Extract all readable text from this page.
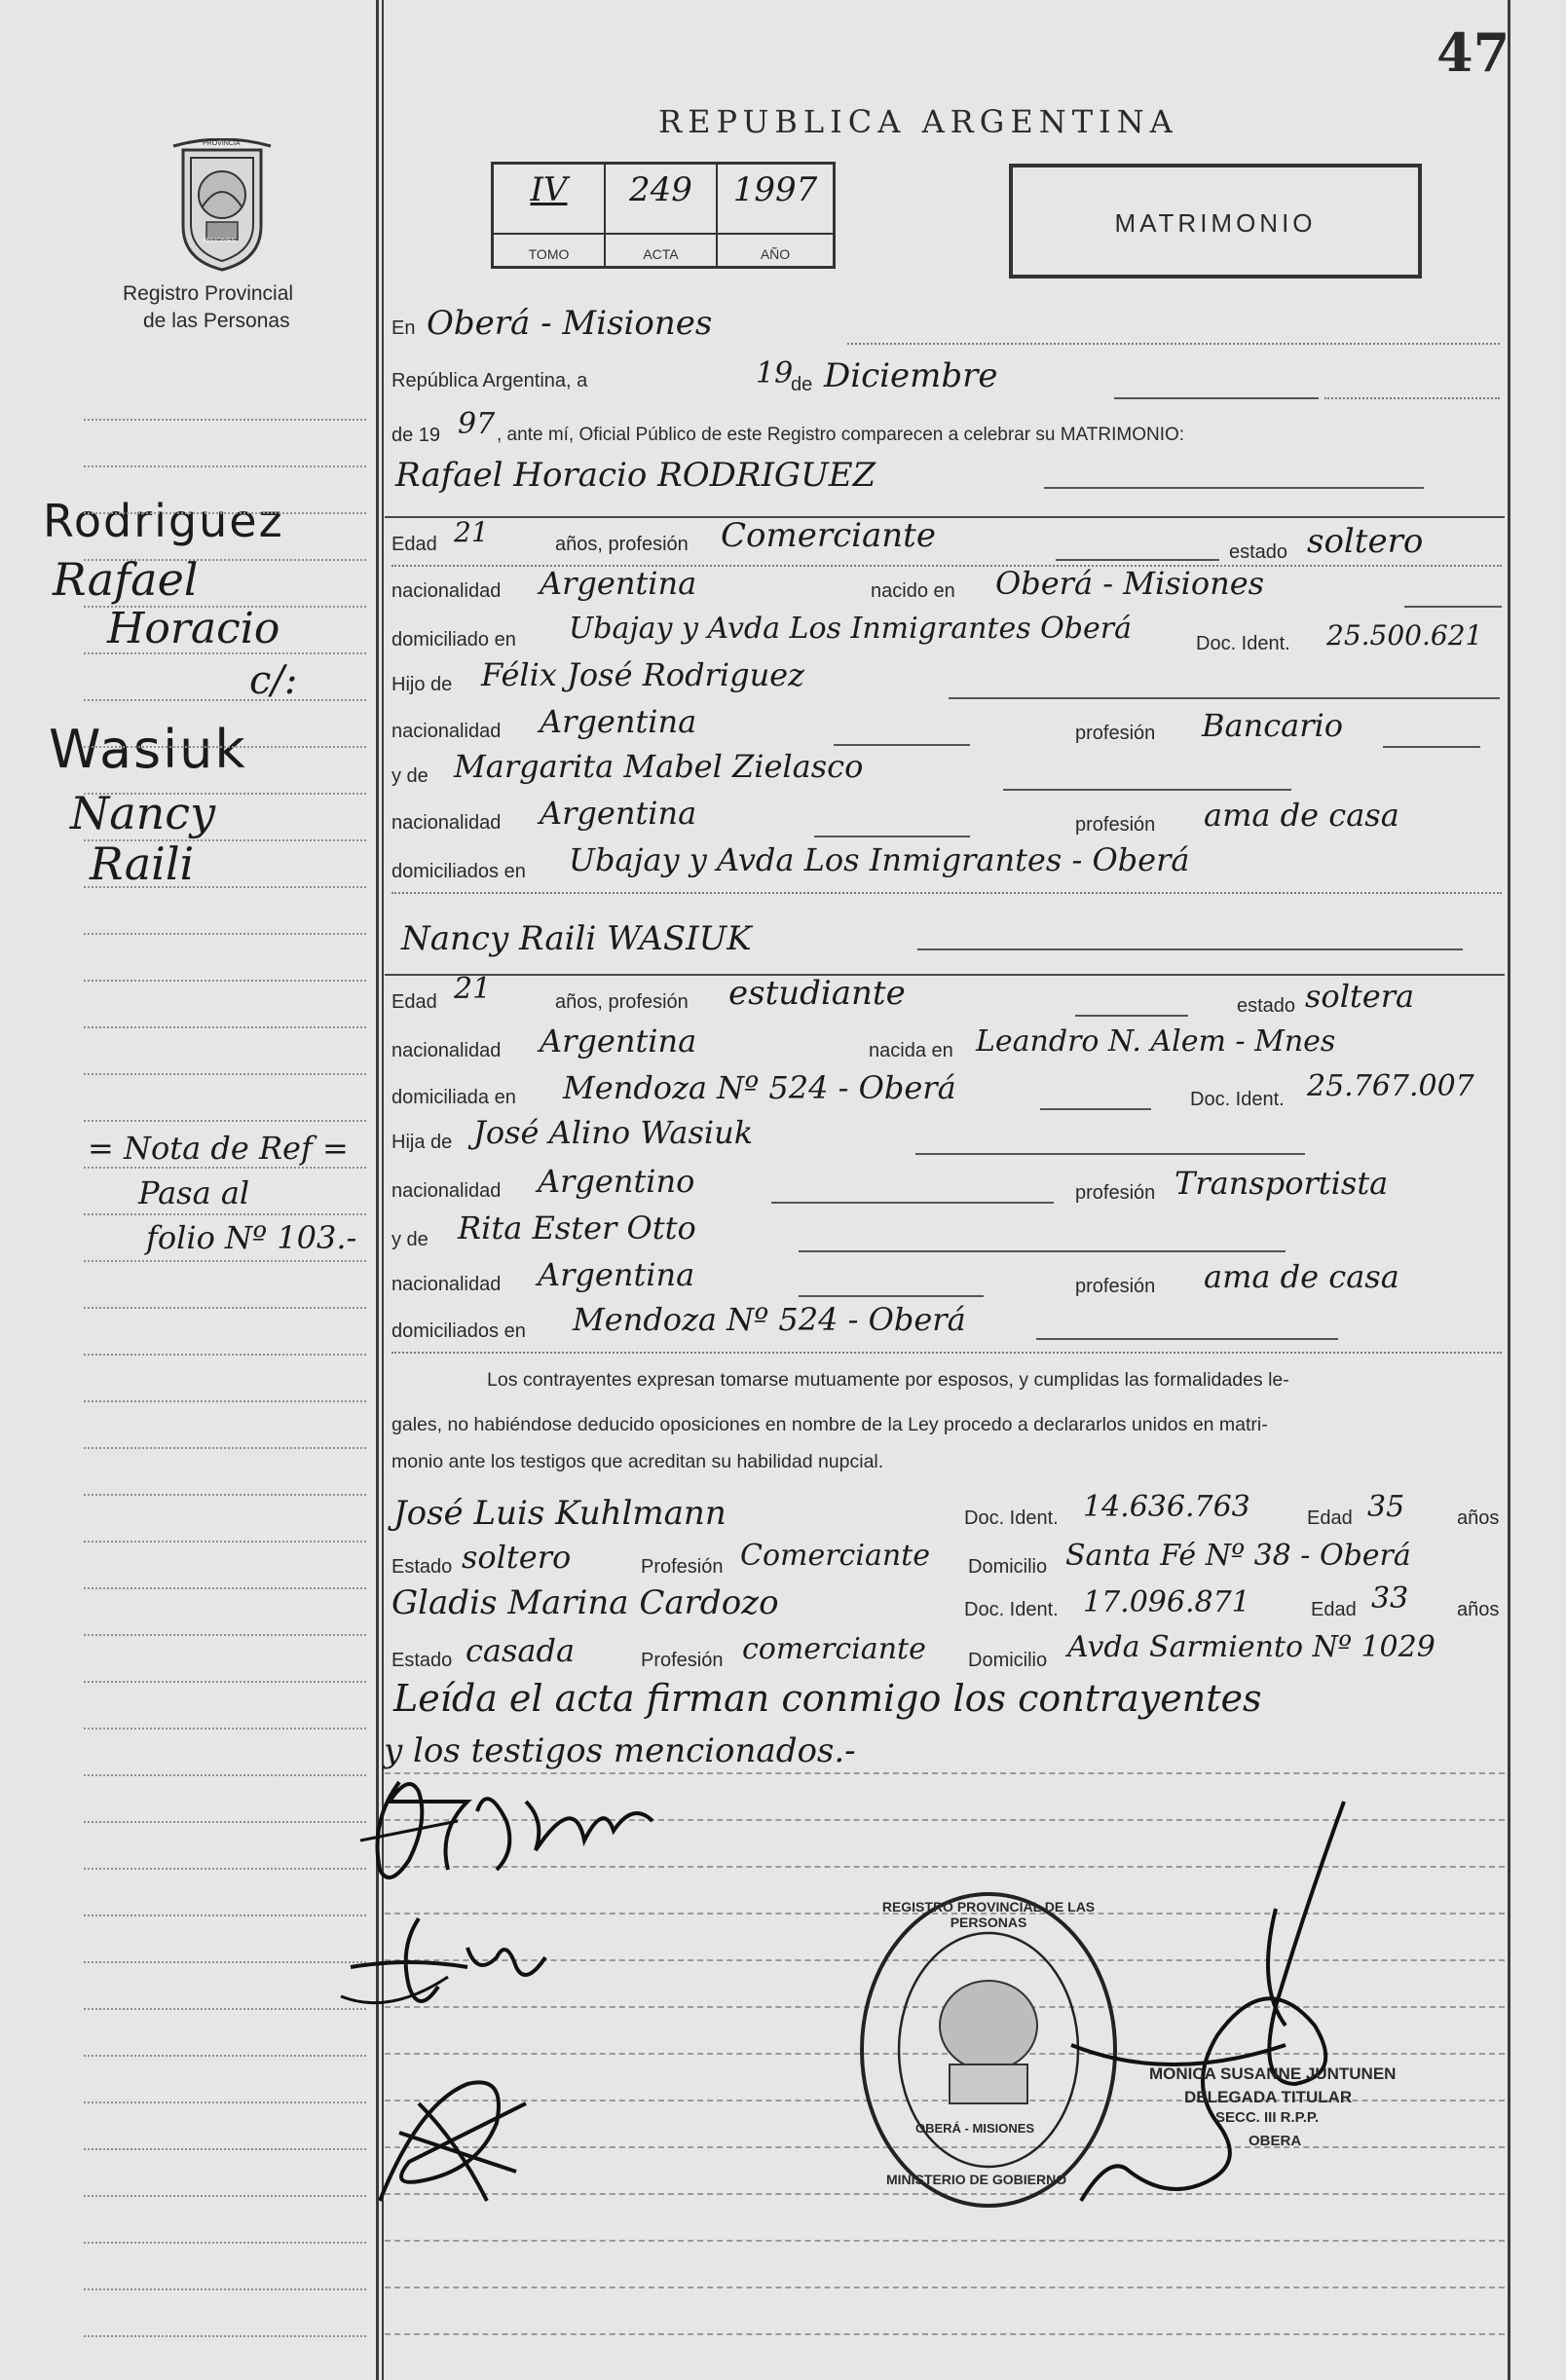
47
PROVINCIA
MISIONES
Registro Provincial
de las Personas
REPUBLICA ARGENTINA
IV
TOMO
249
ACTA
1997
AÑO
MATRIMONIO
Rodriguez
Rafael
Horacio
c/:
Wasiuk
Nancy
Raili
= Nota de Ref =
Pasa al
folio Nº 103.-
En Oberá - Misiones
República Argentina, a	19
de Diciembre
de 19 97 , ante mí, Oficial Público de este Registro comparecen a celebrar su MATRIMONIO:
Rafael Horacio RODRIGUEZ
Edad 21	años, profesión Comerciante	estado soltero
nacionalidad Argentina	nacido en Oberá - Misiones
domiciliado en Ubajay y Avda Los Inmigrantes Oberá	Doc. Ident. 25.500.621
Hijo de Félix José Rodriguez
nacionalidad Argentina	profesión Bancario
y de Margarita Mabel Zielasco
nacionalidad Argentina	profesión ama de casa
domiciliados en Ubajay y Avda Los Inmigrantes - Oberá
Nancy Raili WASIUK
Edad 21	años, profesión estudiante	estado soltera
nacionalidad Argentina	nacida en Leandro N. Alem - Mnes
domiciliada en Mendoza Nº 524 - Oberá	Doc. Ident. 25.767.007
Hija de José Alino Wasiuk
nacionalidad Argentino	profesión Transportista
y de Rita Ester Otto
nacionalidad Argentina	profesión ama de casa
domiciliados en Mendoza Nº 524 - Oberá
Los contrayentes expresan tomarse mutuamente por esposos, y cumplidas las formalidades le-
gales, no habiéndose deducido oposiciones en nombre de la Ley procedo a declararlos unidos en matri-
monio ante los testigos que acreditan su habilidad nupcial.
José Luis Kuhlmann	Doc. Ident. 14.636.763	Edad 35	años
Estado soltero	Profesión Comerciante Domicilio Santa Fé Nº 38 - Oberá
Gladis Marina Cardozo	Doc. Ident. 17.096.871	Edad 33 años
Estado casada	Profesión comerciante Domicilio Avda Sarmiento Nº 1029
Leída el acta firman conmigo los contrayentes
y los testigos mencionados.-
REGISTRO PROVINCIAL DE LAS PERSONAS
OBERÁ - MISIONES
MINISTERIO DE GOBIERNO
MONICA SUSANNE JUNTUNEN
DELEGADA TITULAR
SECC. III R.P.P.
OBERA
